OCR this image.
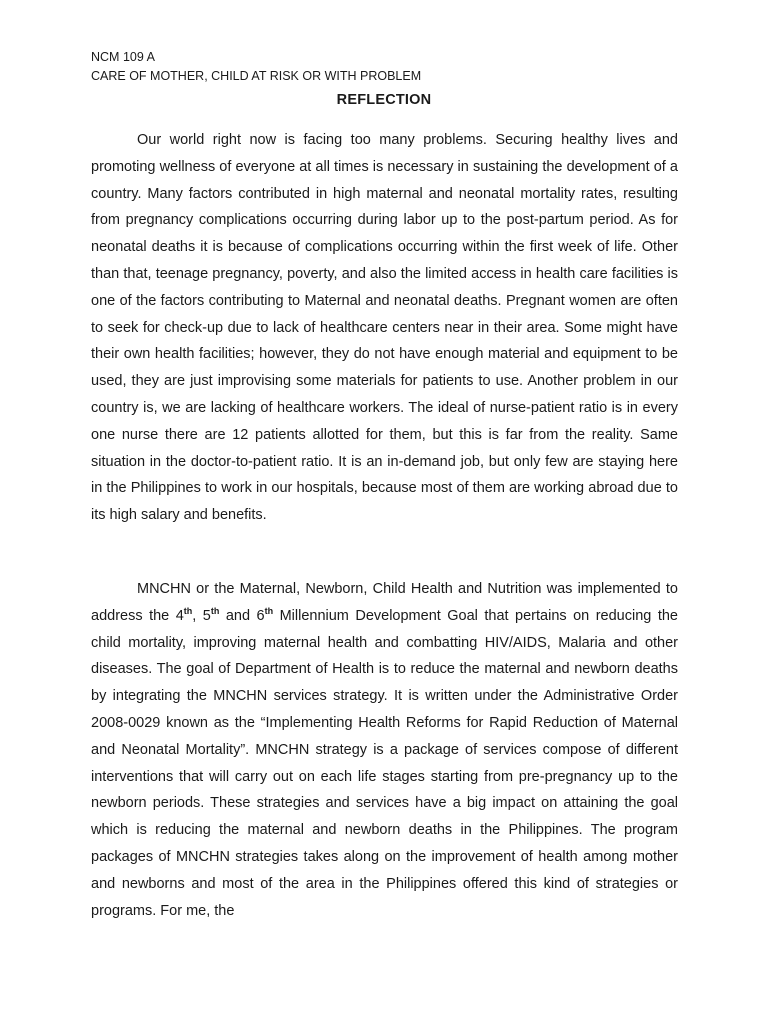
NCM 109 A
CARE OF MOTHER, CHILD AT RISK OR WITH PROBLEM
REFLECTION

Our world right now is facing too many problems. Securing healthy lives and promoting wellness of everyone at all times is necessary in sustaining the development of a country. Many factors contributed in high maternal and neonatal mortality rates, resulting from pregnancy complications occurring during labor up to the post-partum period. As for neonatal deaths it is because of complications occurring within the first week of life. Other than that, teenage pregnancy, poverty, and also the limited access in health care facilities is one of the factors contributing to Maternal and neonatal deaths. Pregnant women are often to seek for check-up due to lack of healthcare centers near in their area. Some might have their own health facilities; however, they do not have enough material and equipment to be used, they are just improvising some materials for patients to use. Another problem in our country is, we are lacking of healthcare workers. The ideal of nurse-patient ratio is in every one nurse there are 12 patients allotted for them, but this is far from the reality. Same situation in the doctor-to-patient ratio. It is an in-demand job, but only few are staying here in the Philippines to work in our hospitals, because most of them are working abroad due to its high salary and benefits.

MNCHN or the Maternal, Newborn, Child Health and Nutrition was implemented to address the 4th, 5th and 6th Millennium Development Goal that pertains on reducing the child mortality, improving maternal health and combatting HIV/AIDS, Malaria and other diseases. The goal of Department of Health is to reduce the maternal and newborn deaths by integrating the MNCHN services strategy. It is written under the Administrative Order 2008-0029 known as the “Implementing Health Reforms for Rapid Reduction of Maternal and Neonatal Mortality”. MNCHN strategy is a package of services compose of different interventions that will carry out on each life stages starting from pre-pregnancy up to the newborn periods. These strategies and services have a big impact on attaining the goal which is reducing the maternal and newborn deaths in the Philippines. The program packages of MNCHN strategies takes along on the improvement of health among mother and newborns and most of the area in the Philippines offered this kind of strategies or programs. For me, the
